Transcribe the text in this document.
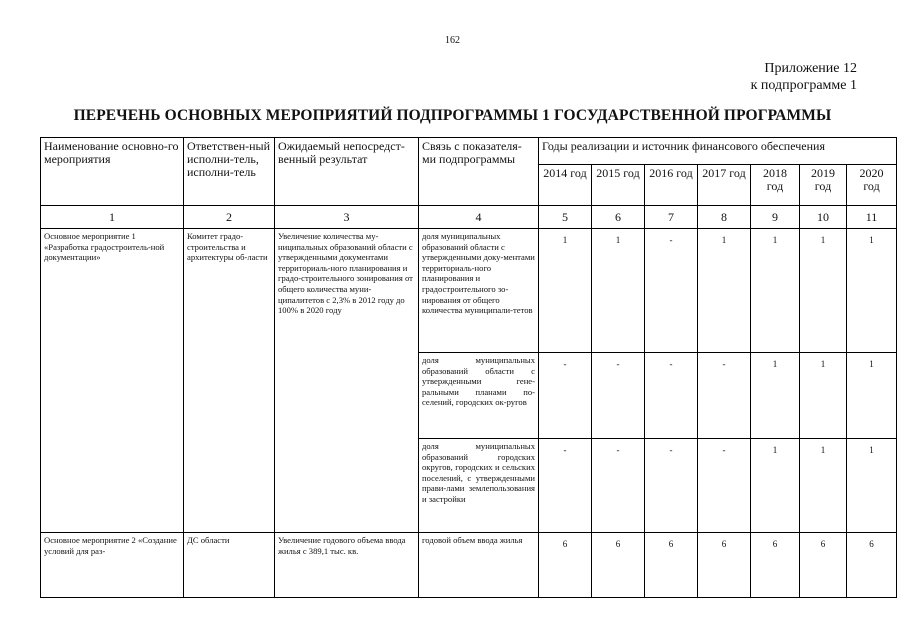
162
Приложение 12
к подпрограмме 1
ПЕРЕЧЕНЬ ОСНОВНЫХ МЕРОПРИЯТИЙ ПОДПРОГРАММЫ 1 ГОСУДАРСТВЕННОЙ ПРОГРАММЫ
Наименование основно-го мероприятия	Ответствен-ный исполни-тель, исполни-тель	Ожидаемый непосредст-венный результат	Связь с показателя-ми подпрограммы	Годы реализации и источник финансового обеспечения						
				2014 год	2015 год	2016 год	2017 год	2018 год	2019 год	2020 год
1	2	3	4	5	6	7	8	9	10	11
Основное мероприятие 1 «Разработка градостроитель-ной документации»	Комитет градо-строительства и архитектуры об-ласти	Увеличение количества му-ниципальных образований области с утвержденными документами территориаль-ного планирования и градо-строительного зонирования от общего количества муни-ципалитетов с 2,3% в 2012 году до 100% в 2020 году	доля муниципальных образований области с утвержденными доку-ментами территориаль-ного планирования и градостроительного зо-нирования от общего количества муниципали-тетов	1	1	-	1	1	1	1
			доля муниципальных образований области с утвержденными гене-ральными планами по-селений, городских ок-ругов	-	-	-	-	1	1	1
			доля муниципальных образований городских округов, городских и сельских поселений, с утвержденными прави-лами землепользования и застройки	-	-	-	-	1	1	1
Основное мероприятие 2 «Создание условий для раз-	ДС области	Увеличение годового объема ввода жилья с 389,1 тыс. кв.	годовой объем ввода жилья	6	6	6	6	6	6	6
